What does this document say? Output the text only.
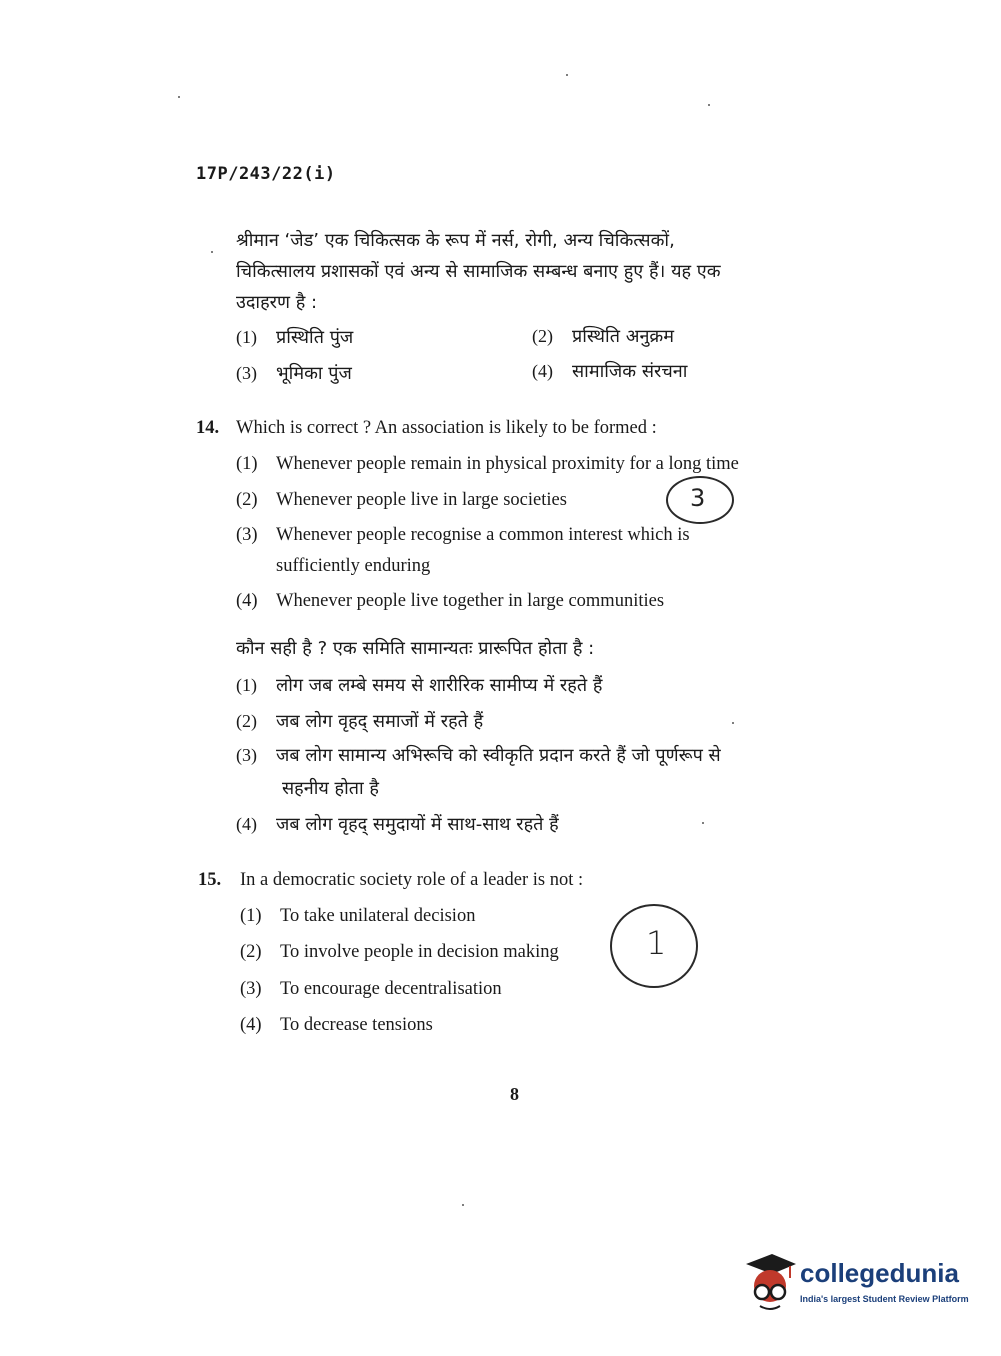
17P/243/22(i)
श्रीमान ‘जेड’ एक चिकित्सक के रूप में नर्स, रोगी, अन्य चिकित्सकों,
चिकित्सालय प्रशासकों एवं अन्य से सामाजिक सम्बन्ध बनाए हुए हैं। यह एक
उदाहरण है :
(1) प्रस्थिति पुंज	(2) प्रस्थिति अनुक्रम
(3) भूमिका पुंज	(4) सामाजिक संरचना
14. Which is correct ? An association is likely to be formed :
(1) Whenever people remain in physical proximity for a long time
(2) Whenever people live in large societies
(3) Whenever people recognise a common interest which is
sufficiently enduring
(4) Whenever people live together in large communities
3
कौन सही है ? एक समिति सामान्यतः प्रारूपित होता है :
(1) लोग जब लम्बे समय से शारीरिक सामीप्य में रहते हैं
(2) जब लोग वृहद् समाजों में रहते हैं
(3) जब लोग सामान्य अभिरूचि को स्वीकृति प्रदान करते हैं जो पूर्णरूप से
सहनीय होता है
(4) जब लोग वृहद् समुदायों में साथ-साथ रहते हैं
15. In a democratic society role of a leader is not :
(1) To take unilateral decision
(2) To involve people in decision making
(3) To encourage decentralisation
(4) To decrease tensions
1
8
collegedunia
India's largest Student Review Platform
